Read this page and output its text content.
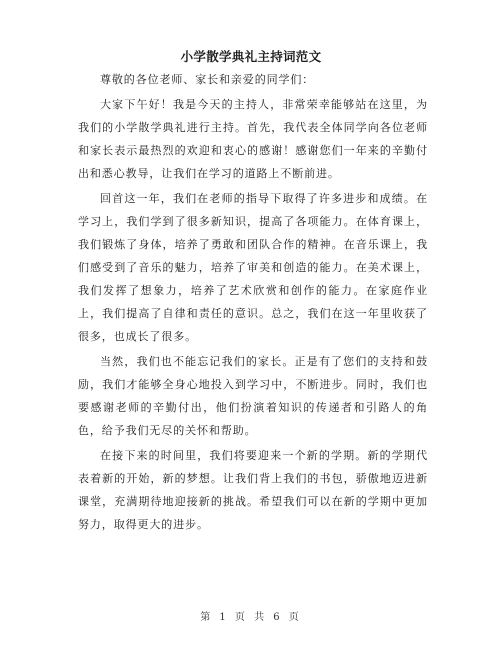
小学散学典礼主持词范文

尊敬的各位老师、家长和亲爱的同学们：

大家下午好！我是今天的主持人，非常荣幸能够站在这里，为我们的小学散学典礼进行主持。首先，我代表全体同学向各位老师和家长表示最热烈的欢迎和衷心的感谢！感谢您们一年来的辛勤付出和悉心教导，让我们在学习的道路上不断前进。

回首这一年，我们在老师的指导下取得了许多进步和成绩。在学习上，我们学到了很多新知识，提高了各项能力。在体育课上，我们锻炼了身体，培养了勇敢和团队合作的精神。在音乐课上，我们感受到了音乐的魅力，培养了审美和创造的能力。在美术课上，我们发挥了想象力，培养了艺术欣赏和创作的能力。在家庭作业上，我们提高了自律和责任的意识。总之，我们在这一年里收获了很多，也成长了很多。

当然，我们也不能忘记我们的家长。正是有了您们的支持和鼓励，我们才能够全身心地投入到学习中，不断进步。同时，我们也要感谢老师的辛勤付出，他们扮演着知识的传递者和引路人的角色，给予我们无尽的关怀和帮助。

在接下来的时间里，我们将要迎来一个新的学期。新的学期代表着新的开始，新的梦想。让我们背上我们的书包，骄傲地迈进新课堂，充满期待地迎接新的挑战。希望我们可以在新的学期中更加努力，取得更大的进步。

第 1 页 共 6 页
